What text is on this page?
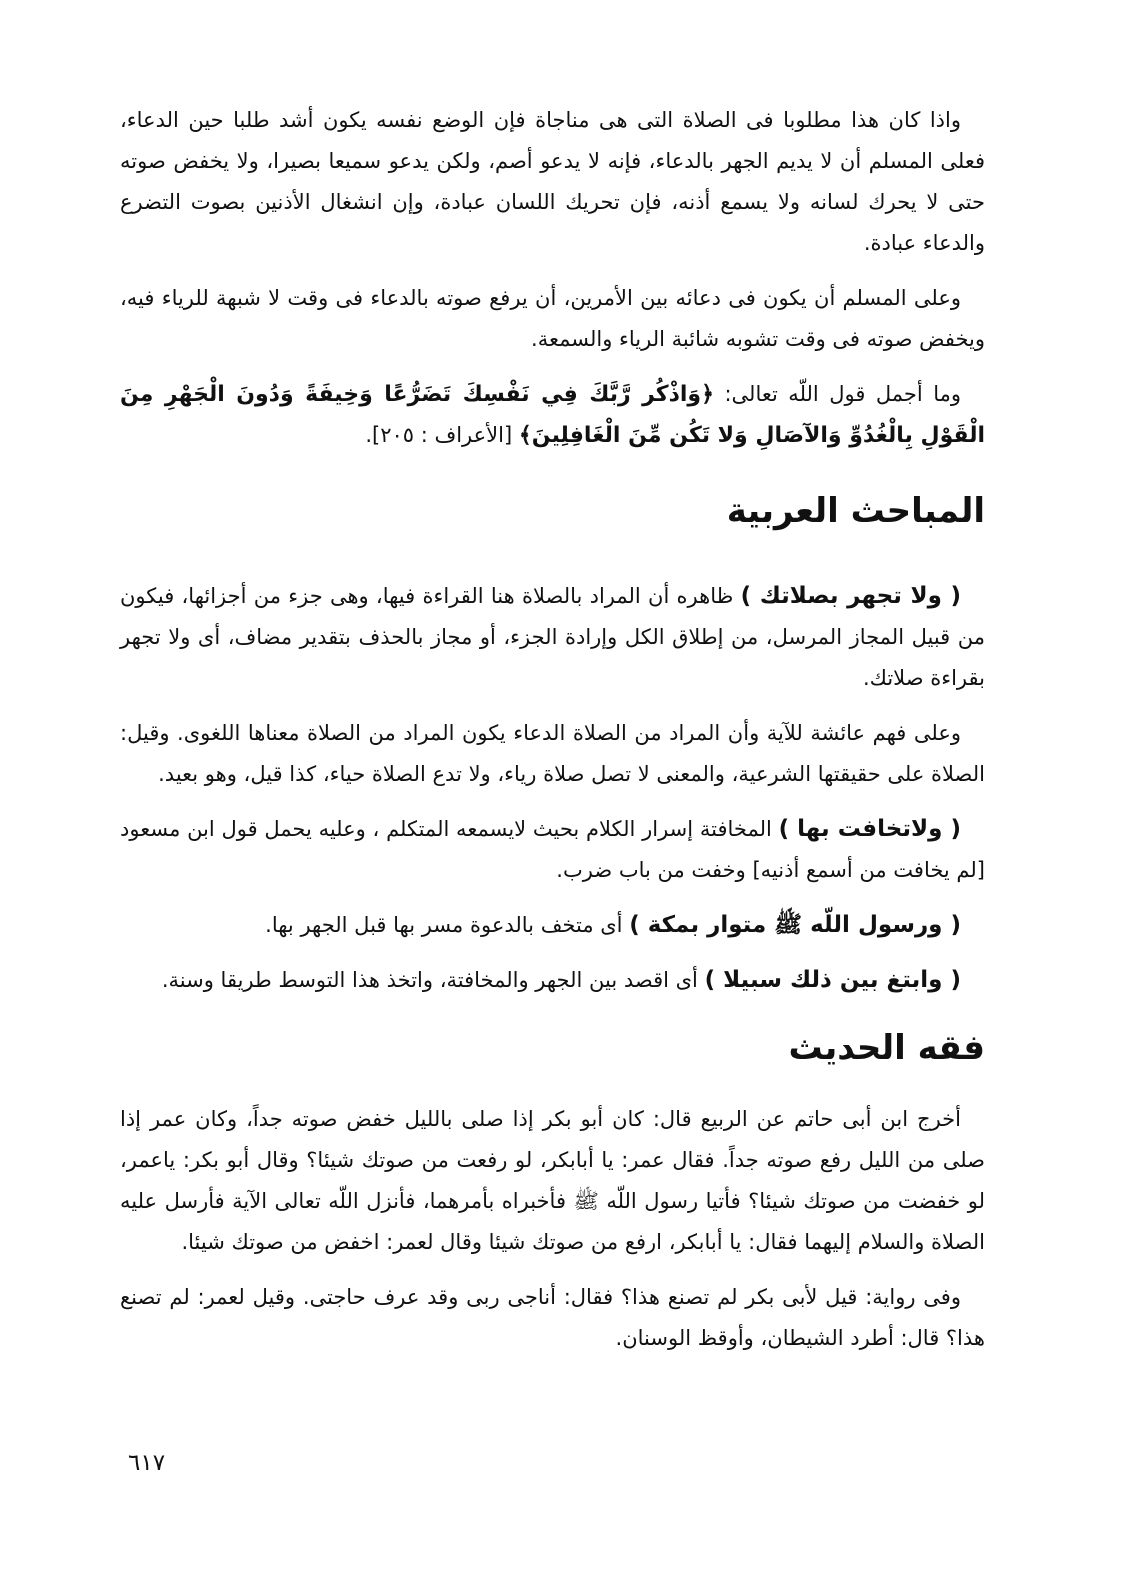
واذا كان هذا مطلوبا فى الصلاة التى هى مناجاة فإن الوضع نفسه يكون أشد طلبا حين الدعاء، فعلى المسلم أن لا يديم الجهر بالدعاء، فإنه لا يدعو أصم، ولكن يدعو سميعا بصيرا، ولا يخفض صوته حتى لا يحرك لسانه ولا يسمع أذنه، فإن تحريك اللسان عبادة، وإن انشغال الأذنين بصوت التضرع والدعاء عبادة.

وعلى المسلم أن يكون فى دعائه بين الأمرين، أن يرفع صوته بالدعاء فى وقت لا شبهة للرياء فيه، ويخفض صوته فى وقت تشوبه شائبة الرياء والسمعة.

وما أجمل قول اللّه تعالى: ﴿وَاذْكُر رَّبَّكَ فِي نَفْسِكَ تَضَرُّعًا وَخِيفَةً وَدُونَ الْجَهْرِ مِنَ الْقَوْلِ بِالْغُدُوِّ وَالآصَالِ وَلا تَكُن مِّنَ الْغَافِلِينَ﴾ [الأعراف : ٢٠٥].

المباحث العربية

( ولا تجهر بصلاتك ) ظاهره أن المراد بالصلاة هنا القراءة فيها، وهى جزء من أجزائها، فيكون من قبيل المجاز المرسل، من إطلاق الكل وإرادة الجزء، أو مجاز بالحذف بتقدير مضاف، أى ولا تجهر بقراءة صلاتك.

وعلى فهم عائشة للآية وأن المراد من الصلاة الدعاء يكون المراد من الصلاة معناها اللغوى. وقيل: الصلاة على حقيقتها الشرعية، والمعنى لا تصل صلاة رياء، ولا تدع الصلاة حياء، كذا قيل، وهو بعيد.

( ولاتخافت بها ) المخافتة إسرار الكلام بحيث لايسمعه المتكلم ، وعليه يحمل قول ابن مسعود [لم يخافت من أسمع أذنيه] وخفت من باب ضرب.

( ورسول اللّه ﷺ متوار بمكة ) أى متخف بالدعوة مسر بها قبل الجهر بها.

( وابتغ بين ذلك سبيلا ) أى اقصد بين الجهر والمخافتة، واتخذ هذا التوسط طريقا وسنة.

فقه الحديث

أخرج ابن أبى حاتم عن الربيع قال: كان أبو بكر إذا صلى بالليل خفض صوته جداً، وكان عمر إذا صلى من الليل رفع صوته جداً. فقال عمر: يا أبابكر، لو رفعت من صوتك شيئا؟ وقال أبو بكر: ياعمر، لو خفضت من صوتك شيئا؟ فأتيا رسول اللّه ﷺ فأخبراه بأمرهما، فأنزل اللّه تعالى الآية فأرسل عليه الصلاة والسلام إليهما فقال: يا أبابكر، ارفع من صوتك شيئا وقال لعمر: اخفض من صوتك شيئا.

وفى رواية: قيل لأبى بكر لم تصنع هذا؟ فقال: أناجى ربى وقد عرف حاجتى. وقيل لعمر: لم تصنع هذا؟ قال: أطرد الشيطان، وأوقظ الوسنان.

٦١٧
